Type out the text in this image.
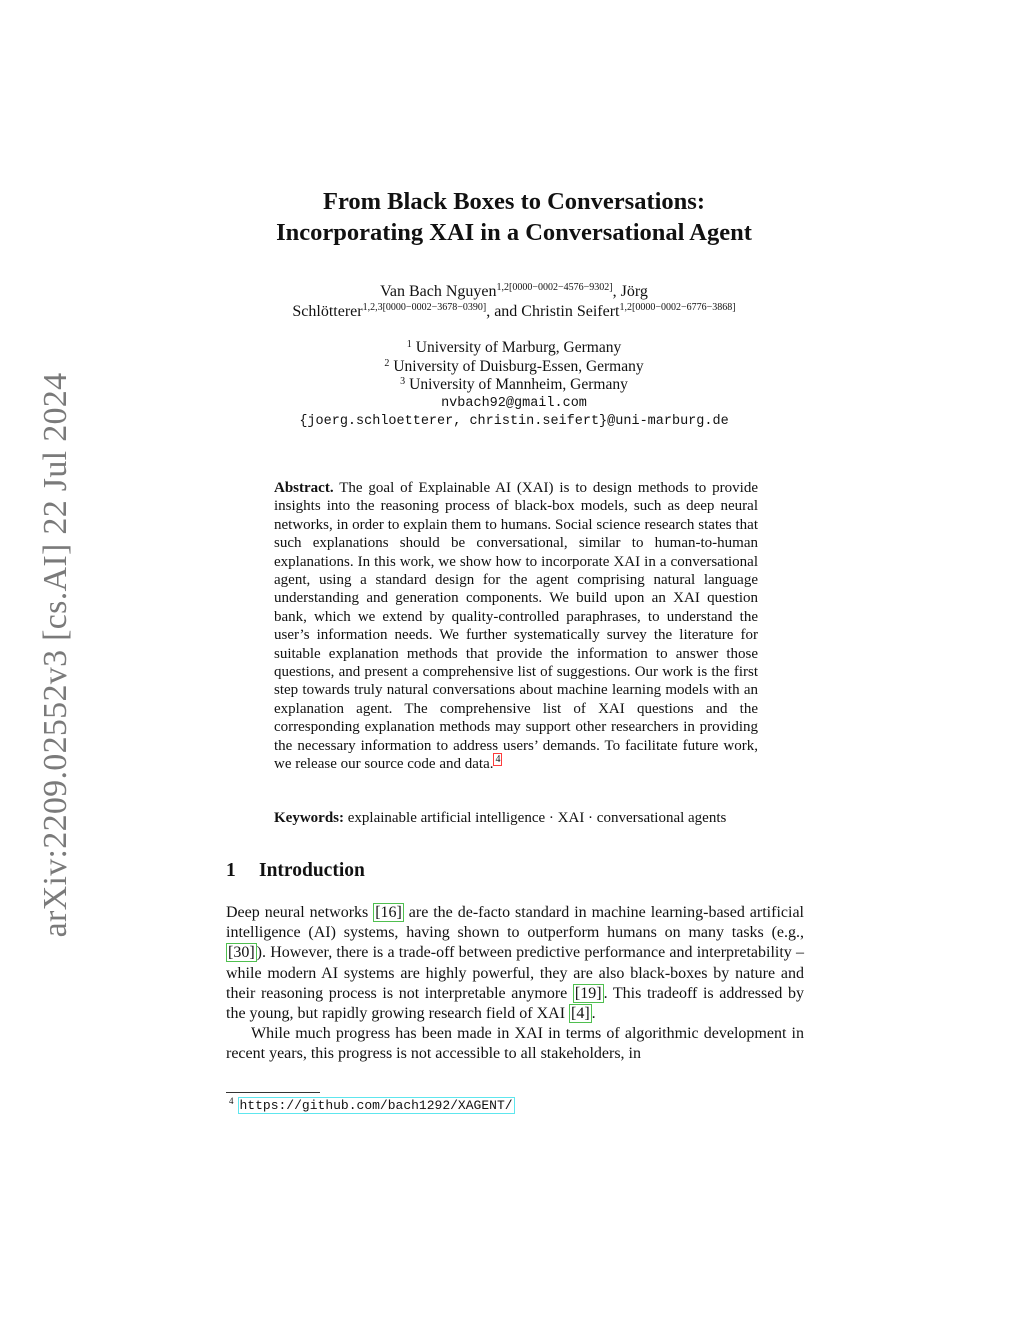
arXiv:2209.02552v3 [cs.AI] 22 Jul 2024
From Black Boxes to Conversations:
Incorporating XAI in a Conversational Agent
Van Bach Nguyen$^{1,2[0000-0002-4576-9302]}$, Jörg
Schlötterer$^{1,2,3[0000-0002-3678-0390]}$, and Christin Seifert$^{1,2[0000-0002-6776-3868]}$
$^1$ University of Marburg, Germany
$^2$ University of Duisburg-Essen, Germany
$^3$ University of Mannheim, Germany
nvbach92@gmail.com
{joerg.schloetterer, christin.seifert}@uni-marburg.de
Abstract. The goal of Explainable AI (XAI) is to design methods to provide insights into the reasoning process of black-box models, such as deep neural networks, in order to explain them to humans. Social science research states that such explanations should be conversational, similar to human-to-human explanations. In this work, we show how to incorporate XAI in a conversational agent, using a standard design for the agent comprising natural language understanding and generation components. We build upon an XAI question bank, which we extend by quality-controlled paraphrases, to understand the user’s information needs. We further systematically survey the literature for suitable explanation methods that provide the information to answer those questions, and present a comprehensive list of suggestions. Our work is the first step towards truly natural conversations about machine learning models with an explanation agent. The comprehensive list of XAI questions and the corresponding explanation methods may support other researchers in providing the necessary information to address users’ demands. To facilitate future work, we release our source code and data. $^4$
Keywords: explainable artificial intelligence · XAI · conversational agents
1 Introduction

Deep neural networks [16] are the de-facto standard in machine learning-based artificial intelligence (AI) systems, having shown to outperform humans on many tasks (e.g., [30] ). However, there is a trade-off between predictive performance and interpretability – while modern AI systems are highly powerful, they are also black-boxes by nature and their reasoning process is not interpretable anymore [19] . This tradeoff is addressed by the young, but rapidly growing research field of XAI [4] .

While much progress has been made in XAI in terms of algorithmic development in recent years, this progress is not accessible to all stakeholders, in

$^4$ https://github.com/bach1292/XAGENT/
